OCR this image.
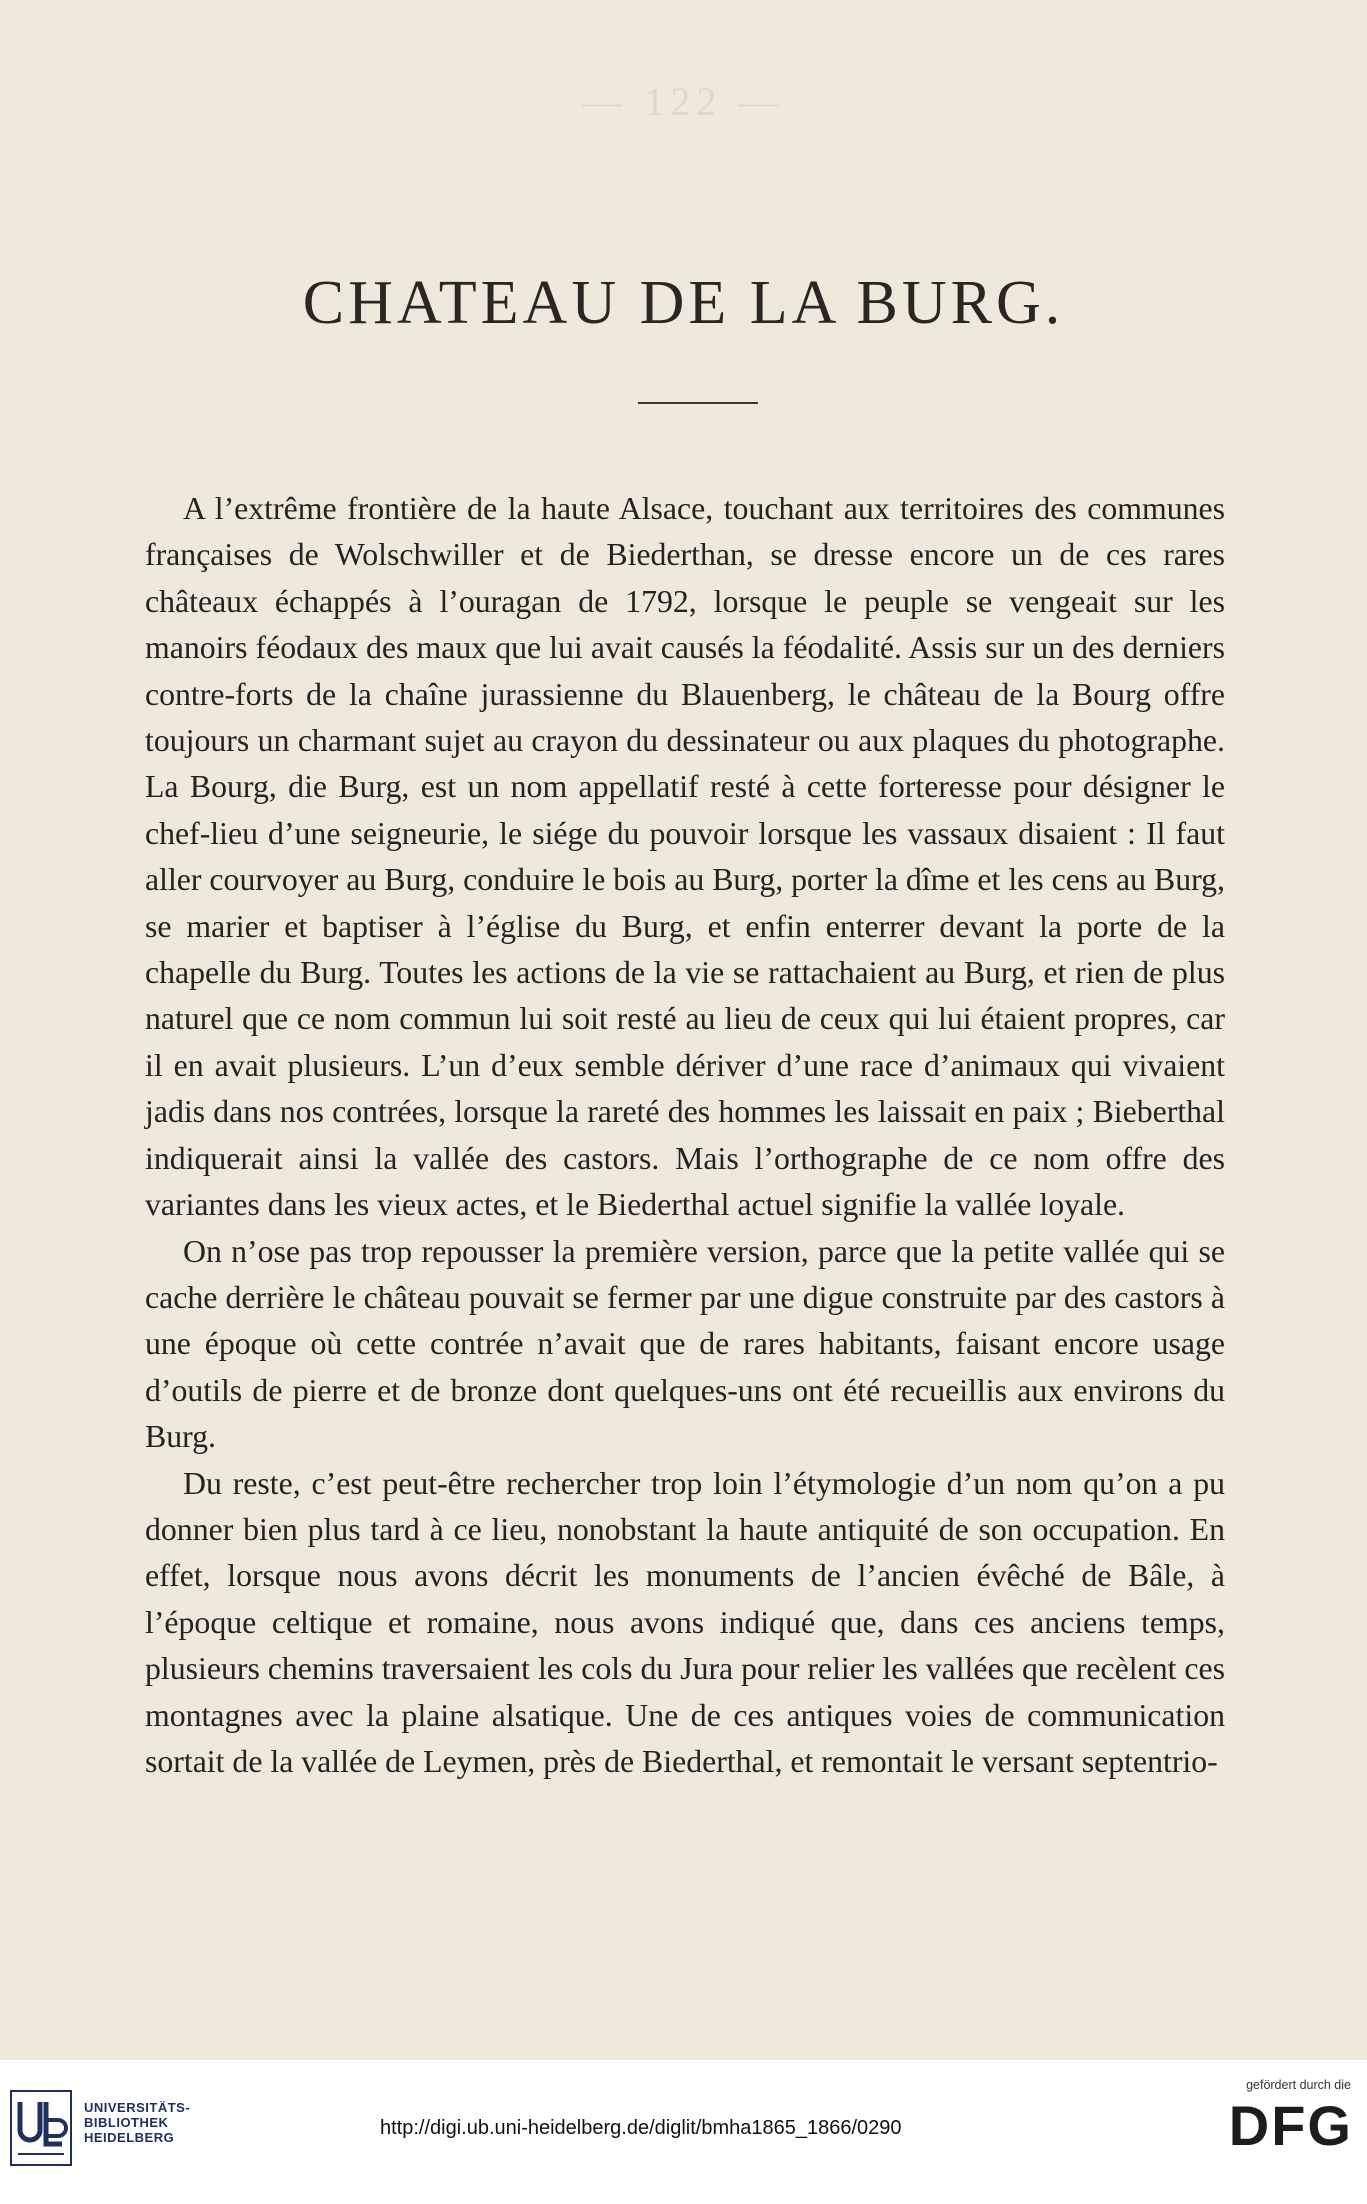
— 122 —
CHATEAU DE LA BURG.

A l’extrême frontière de la haute Alsace, touchant aux territoires des communes françaises de Wolschwiller et de Biederthan, se dresse encore un de ces rares châteaux échappés à l’ouragan de 1792, lorsque le peuple se vengeait sur les manoirs féodaux des maux que lui avait causés la féodalité. Assis sur un des derniers contre-forts de la chaîne jurassienne du Blauenberg, le château de la Bourg offre toujours un charmant sujet au crayon du dessinateur ou aux plaques du photographe. La Bourg, die Burg, est un nom appellatif resté à cette forteresse pour désigner le chef-lieu d’une seigneurie, le siége du pouvoir lorsque les vassaux disaient : Il faut aller courvoyer au Burg, conduire le bois au Burg, porter la dîme et les cens au Burg, se marier et baptiser à l’église du Burg, et enfin enterrer devant la porte de la chapelle du Burg. Toutes les actions de la vie se rattachaient au Burg, et rien de plus naturel que ce nom commun lui soit resté au lieu de ceux qui lui étaient propres, car il en avait plusieurs. L’un d’eux semble dériver d’une race d’animaux qui vivaient jadis dans nos contrées, lorsque la rareté des hommes les laissait en paix ; Bieberthal indiquerait ainsi la vallée des castors. Mais l’orthographe de ce nom offre des variantes dans les vieux actes, et le Biederthal actuel signifie la vallée loyale.

On n’ose pas trop repousser la première version, parce que la petite vallée qui se cache derrière le château pouvait se fermer par une digue construite par des castors à une époque où cette contrée n’avait que de rares habitants, faisant encore usage d’outils de pierre et de bronze dont quelques-uns ont été recueillis aux environs du Burg.

Du reste, c’est peut-être rechercher trop loin l’étymologie d’un nom qu’on a pu donner bien plus tard à ce lieu, nonobstant la haute antiquité de son occupation. En effet, lorsque nous avons décrit les monuments de l’ancien évêché de Bâle, à l’époque celtique et romaine, nous avons indiqué que, dans ces anciens temps, plusieurs chemins traversaient les cols du Jura pour relier les vallées que recèlent ces montagnes avec la plaine alsatique. Une de ces antiques voies de communication sortait de la vallée de Leymen, près de Biederthal, et remontait le versant septentrio-

UNIVERSITÄTS-
BIBLIOTHEK
HEIDELBERG	http://digi.ub.uni-heidelberg.de/diglit/bmha1865_1866/0290
gefördert durch die
DFG
